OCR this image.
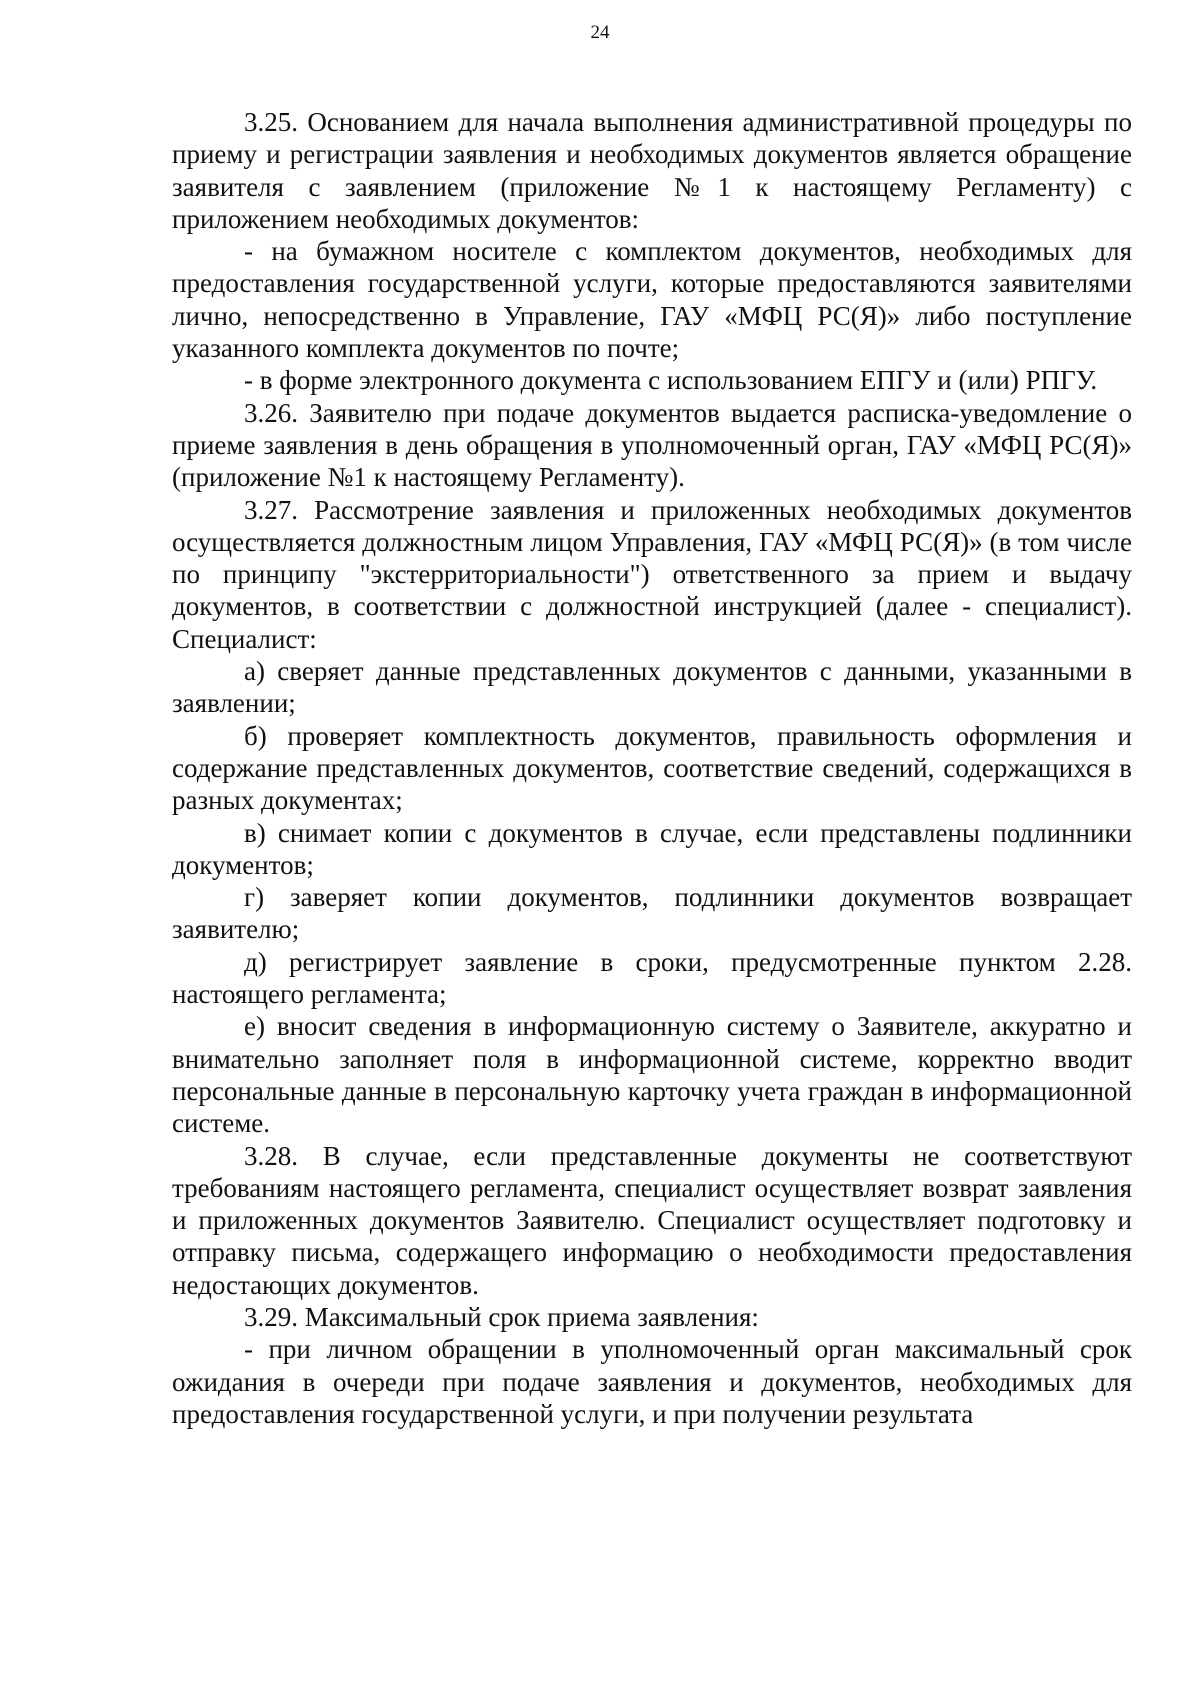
24

3.25. Основанием для начала выполнения административной процедуры по приему и регистрации заявления и необходимых документов является обращение заявителя с заявлением (приложение №1 к настоящему Регламенту) с приложением необходимых документов:

- на бумажном носителе с комплектом документов, необходимых для предоставления государственной услуги, которые предоставляются заявителями лично, непосредственно в Управление, ГАУ «МФЦ РС(Я)» либо поступление указанного комплекта документов по почте;

- в форме электронного документа с использованием ЕПГУ и (или) РПГУ.

3.26. Заявителю при подаче документов выдается расписка-уведомление о приеме заявления в день обращения в уполномоченный орган, ГАУ «МФЦ РС(Я)» (приложение №1 к настоящему Регламенту).

3.27. Рассмотрение заявления и приложенных необходимых документов осуществляется должностным лицом Управления, ГАУ «МФЦ РС(Я)» (в том числе по принципу "экстерриториальности") ответственного за прием и выдачу документов, в соответствии с должностной инструкцией (далее - специалист). Специалист:

а) сверяет данные представленных документов с данными, указанными в заявлении;

б) проверяет комплектность документов, правильность оформления и содержание представленных документов, соответствие сведений, содержащихся в разных документах;

в) снимает копии с документов в случае, если представлены подлинники документов;

г) заверяет копии документов, подлинники документов возвращает заявителю;

д) регистрирует заявление в сроки, предусмотренные пунктом 2.28. настоящего регламента;

е) вносит сведения в информационную систему о Заявителе, аккуратно и внимательно заполняет поля в информационной системе, корректно вводит персональные данные в персональную карточку учета граждан в информационной системе.

3.28. В случае, если представленные документы не соответствуют требованиям настоящего регламента, специалист осуществляет возврат заявления и приложенных документов Заявителю. Специалист осуществляет подготовку и отправку письма, содержащего информацию о необходимости предоставления недостающих документов.

3.29. Максимальный срок приема заявления:

- при личном обращении в уполномоченный орган максимальный срок ожидания в очереди при подаче заявления и документов, необходимых для предоставления государственной услуги, и при получении результата
